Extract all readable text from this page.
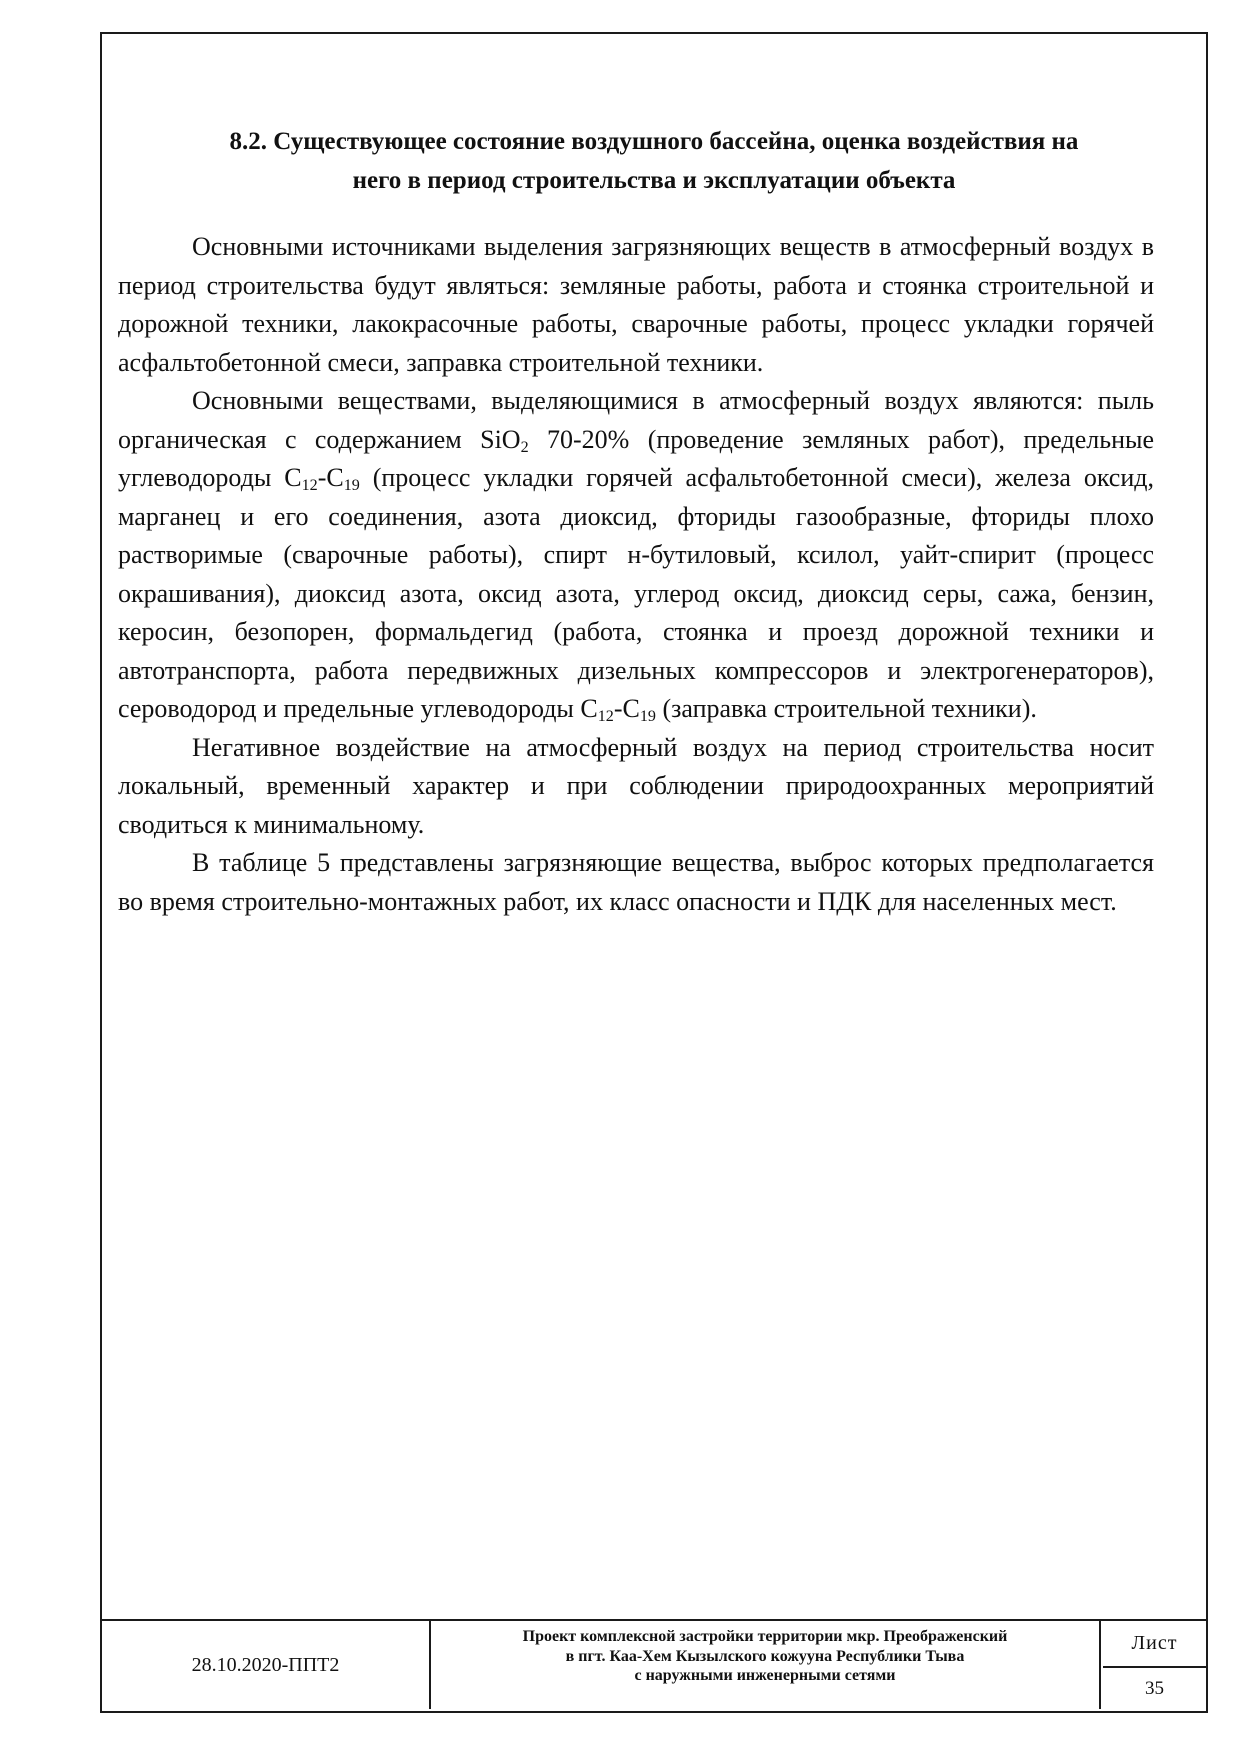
8.2. Существующее состояние воздушного бассейна, оценка воздействия на
него в период строительства и эксплуатации объекта

Основными источниками выделения загрязняющих веществ в атмосферный воздух в период строительства будут являться: земляные работы, работа и стоянка строительной и дорожной техники, лакокрасочные работы, сварочные работы, процесс укладки горячей асфальтобетонной смеси, заправка строительной техники.

Основными веществами, выделяющимися в атмосферный воздух являются: пыль органическая с содержанием SiO$_2$ 70-20% (проведение земляных работ), предельные углеводороды $С_{12}-С_{19}$ (процесс укладки горячей асфальтобетонной смеси), железа оксид, марганец и его соединения, азота диоксид, фториды газообразные, фториды плохо растворимые (сварочные работы), спирт н-бутиловый, ксилол, уайт-спирит (процесс окрашивания), диоксид азота, оксид азота, углерод оксид, диоксид серы, сажа, бензин, керосин, безопорен, формальдегид (работа, стоянка и проезд дорожной техники и автотранспорта, работа передвижных дизельных компрессоров и электрогенераторов), сероводород и предельные углеводороды $С_{12}-С_{19}$ (заправка строительной техники).

Негативное воздействие на атмосферный воздух на период строительства носит локальный, временный характер и при соблюдении природоохранных мероприятий сводиться к минимальному.

В таблице 5 представлены загрязняющие вещества, выброс которых предполагается во время строительно-монтажных работ, их класс опасности и ПДК для населенных мест.

28.10.2020-ППТ2
Проект комплексной застройки территории мкр. Преображенский
в пгт. Каа-Хем Кызылского кожууна Республики Тыва
с наружными инженерными сетями
Лист
35
